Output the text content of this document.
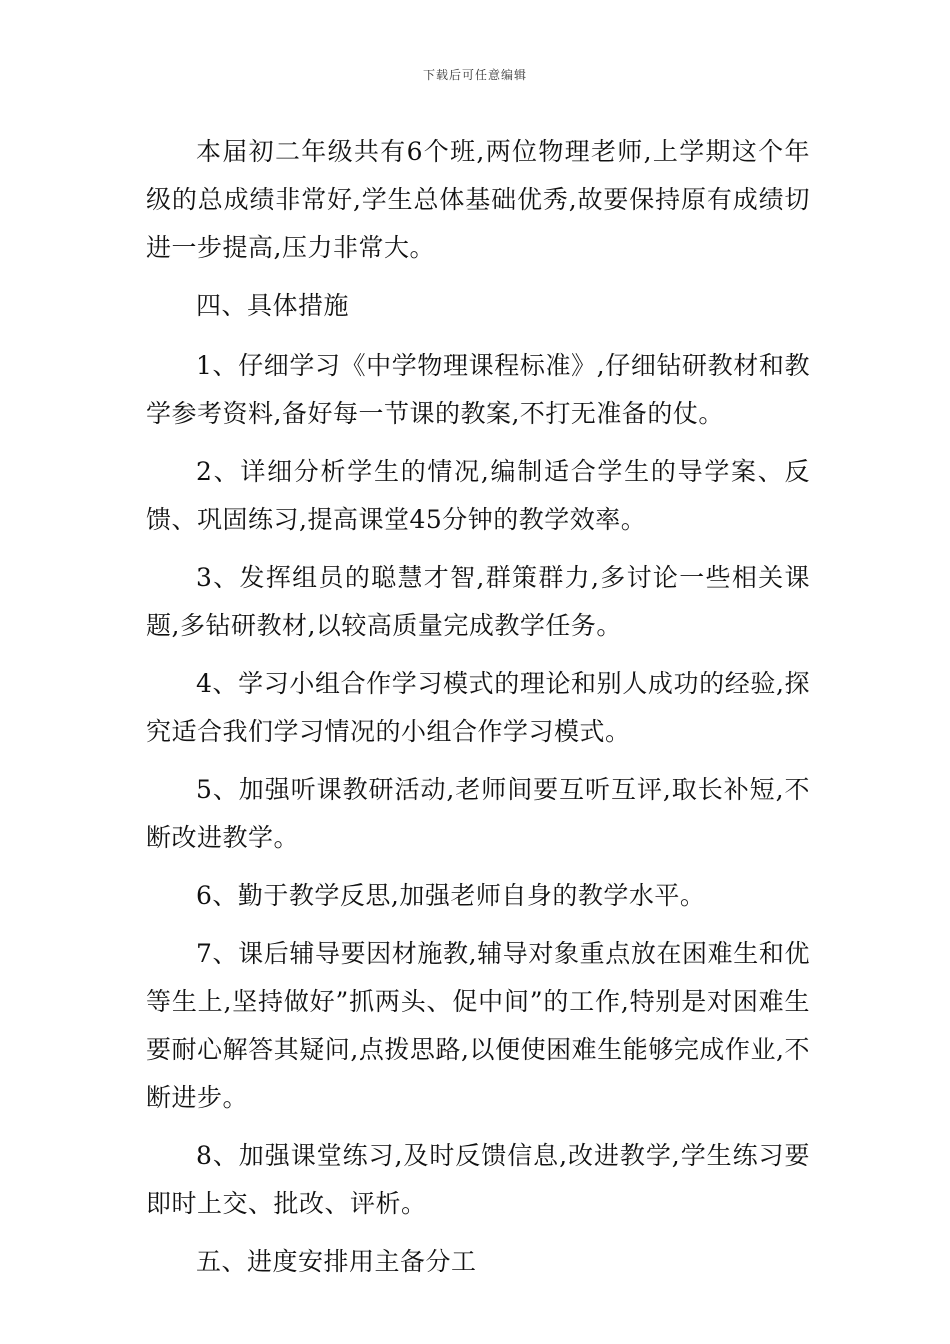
下载后可任意编辑

本届初二年级共有6个班,两位物理老师,上学期这个年级的总成绩非常好,学生总体基础优秀,故要保持原有成绩切进一步提高,压力非常大。

四、具体措施

1、仔细学习《中学物理课程标准》,仔细钻研教材和教学参考资料,备好每一节课的教案,不打无准备的仗。

2、详细分析学生的情况,编制适合学生的导学案、反馈、巩固练习,提高课堂45分钟的教学效率。

3、发挥组员的聪慧才智,群策群力,多讨论一些相关课题,多钻研教材,以较高质量完成教学任务。

4、学习小组合作学习模式的理论和别人成功的经验,探究适合我们学习情况的小组合作学习模式。

5、加强听课教研活动,老师间要互听互评,取长补短,不断改进教学。

6、勤于教学反思,加强老师自身的教学水平。

7、课后辅导要因材施教,辅导对象重点放在困难生和优等生上,坚持做好”抓两头、促中间”的工作,特别是对困难生要耐心解答其疑问,点拨思路,以便使困难生能够完成作业,不断进步。

8、加强课堂练习,及时反馈信息,改进教学,学生练习要即时上交、批改、评析。

五、进度安排用主备分工
